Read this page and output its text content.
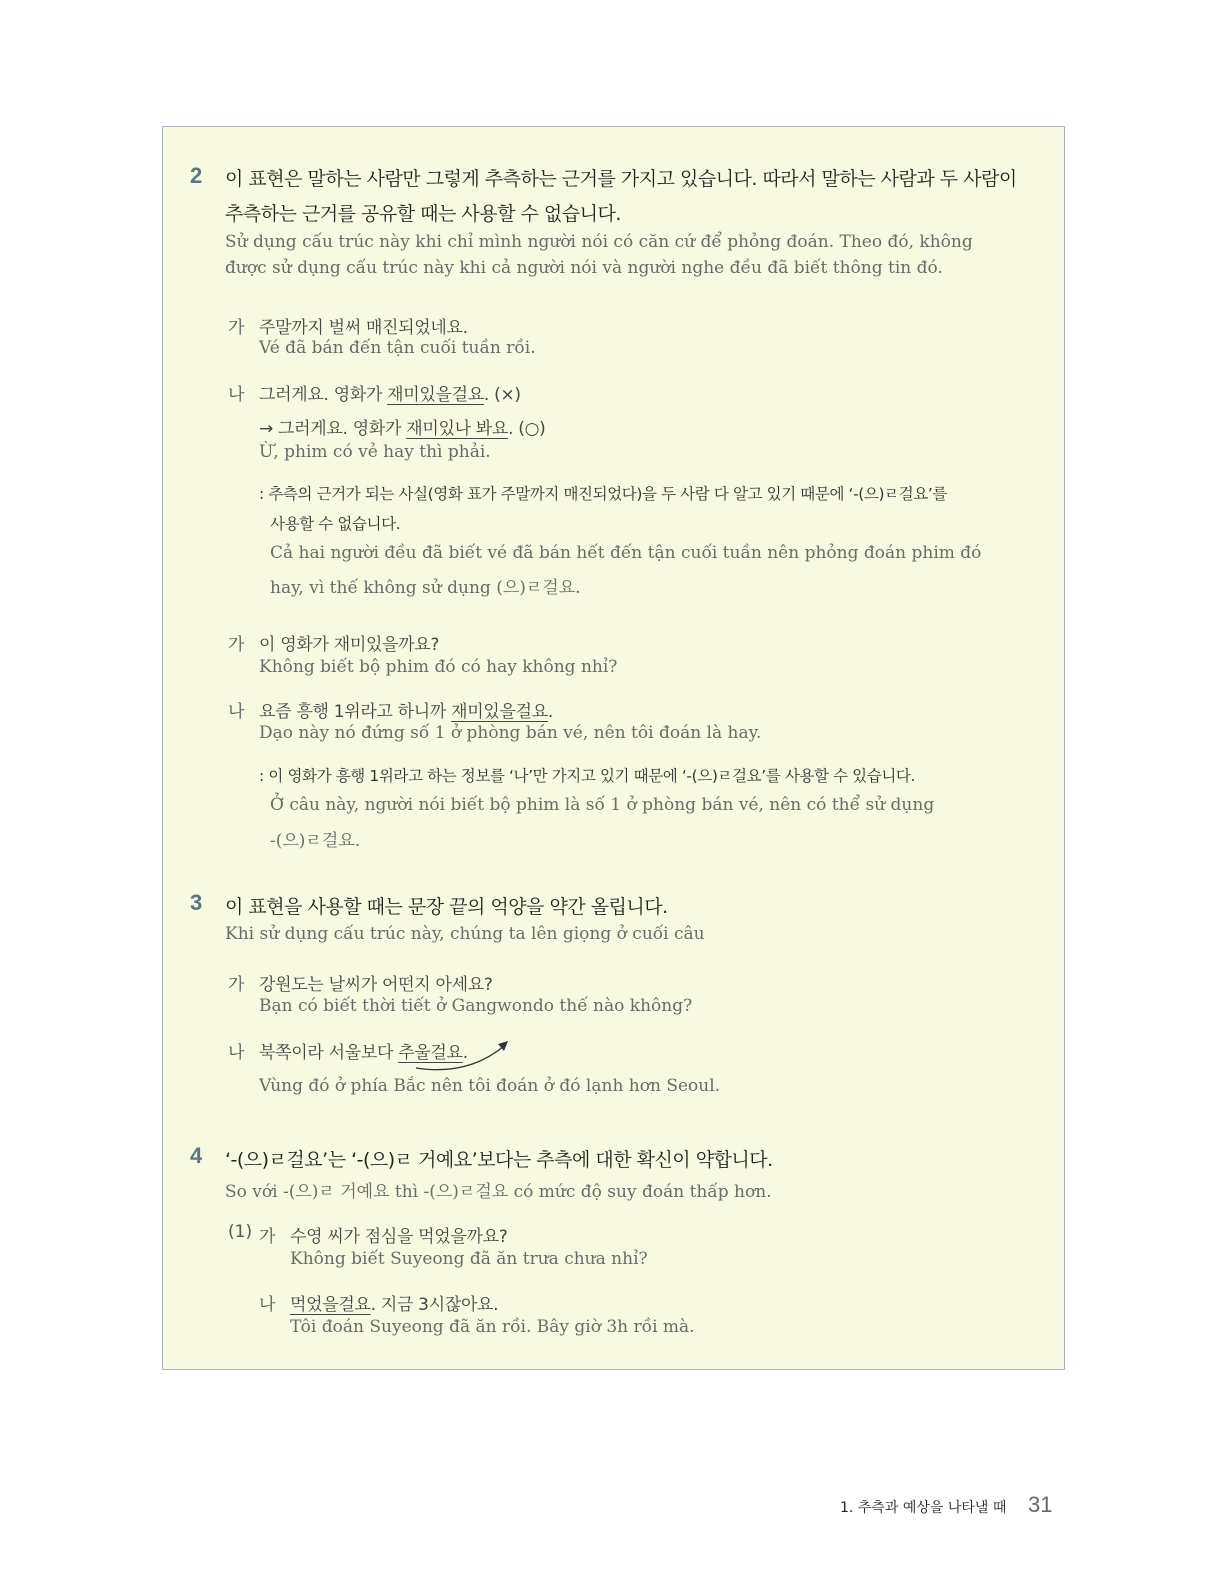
2 이 표현은 말하는 사람만 그렇게 추측하는 근거를 가지고 있습니다. 따라서 말하는 사람과 두 사람이
추측하는 근거를 공유할 때는 사용할 수 없습니다.
Sử dụng cấu trúc này khi chỉ mình người nói có căn cứ để phỏng đoán. Theo đó, không
được sử dụng cấu trúc này khi cả người nói và người nghe đều đã biết thông tin đó.
가 주말까지 벌써 매진되었네요.
Vé đã bán đến tận cuối tuần rồi.
나 그러게요. 영화가 재미있을걸요. (×)
→ 그러게요. 영화가 재미있나 봐요. (○)
Ừ, phim có vẻ hay thì phải.
: 추측의 근거가 되는 사실(영화 표가 주말까지 매진되었다)을 두 사람 다 알고 있기 때문에 ‘-(으)ㄹ걸요’를
사용할 수 없습니다.
Cả hai người đều đã biết vé đã bán hết đến tận cuối tuần nên phỏng đoán phim đó
hay, vì thế không sử dụng (으)ㄹ걸요.
가 이 영화가 재미있을까요?
Không biết bộ phim đó có hay không nhỉ?
나 요즘 흥행 1위라고 하니까 재미있을걸요.
Dạo này nó đứng số 1 ở phòng bán vé, nên tôi đoán là hay.
: 이 영화가 흥행 1위라고 하는 정보를 ‘나’만 가지고 있기 때문에 ‘-(으)ㄹ걸요’를 사용할 수 있습니다.
Ở câu này, người nói biết bộ phim là số 1 ở phòng bán vé, nên có thể sử dụng
-(으)ㄹ걸요.
3 이 표현을 사용할 때는 문장 끝의 억양을 약간 올립니다.
Khi sử dụng cấu trúc này, chúng ta lên giọng ở cuối câu
가 강원도는 날씨가 어떤지 아세요?
Bạn có biết thời tiết ở Gangwondo thế nào không?
나 북쪽이라 서울보다 추울걸요.
Vùng đó ở phía Bắc nên tôi đoán ở đó lạnh hơn Seoul.
4 ‘-(으)ㄹ걸요’는 ‘-(으)ㄹ 거예요’보다는 추측에 대한 확신이 약합니다.
So với -(으)ㄹ 거예요 thì -(으)ㄹ걸요 có mức độ suy đoán thấp hơn.
(1) 가 수영 씨가 점심을 먹었을까요?
Không biết Suyeong đã ăn trưa chưa nhỉ?
나 먹었을걸요. 지금 3시잖아요.
Tôi đoán Suyeong đã ăn rồi. Bây giờ 3h rồi mà.
1. 추측과 예상을 나타낼 때 31
